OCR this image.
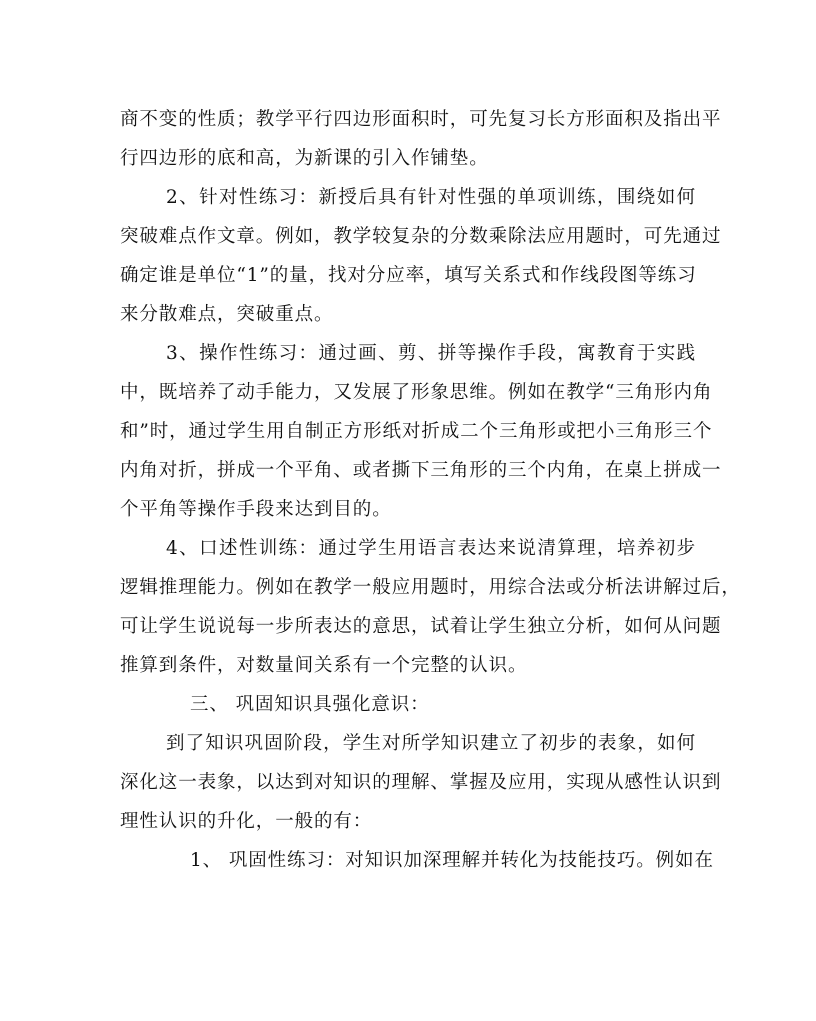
商不变的性质；教学平行四边形面积时，可先复习长方形面积及指出平
行四边形的底和高，为新课的引入作铺垫。
2、针对性练习：新授后具有针对性强的单项训练，围绕如何
突破难点作文章。例如，教学较复杂的分数乘除法应用题时，可先通过
确定谁是单位“1”的量，找对分应率，填写关系式和作线段图等练习
来分散难点，突破重点。
3、操作性练习：通过画、剪、拼等操作手段，寓教育于实践
中，既培养了动手能力，又发展了形象思维。例如在教学“三角形内角
和”时，通过学生用自制正方形纸对折成二个三角形或把小三角形三个
内角对折，拼成一个平角、或者撕下三角形的三个内角，在桌上拼成一
个平角等操作手段来达到目的。
4、口述性训练：通过学生用语言表达来说清算理，培养初步
逻辑推理能力。例如在教学一般应用题时，用综合法或分析法讲解过后，
可让学生说说每一步所表达的意思，试着让学生独立分析，如何从问题
推算到条件，对数量间关系有一个完整的认识。
三、 巩固知识具强化意识：
到了知识巩固阶段，学生对所学知识建立了初步的表象，如何
深化这一表象，以达到对知识的理解、掌握及应用，实现从感性认识到
理性认识的升化，一般的有：
1、 巩固性练习：对知识加深理解并转化为技能技巧。例如在
